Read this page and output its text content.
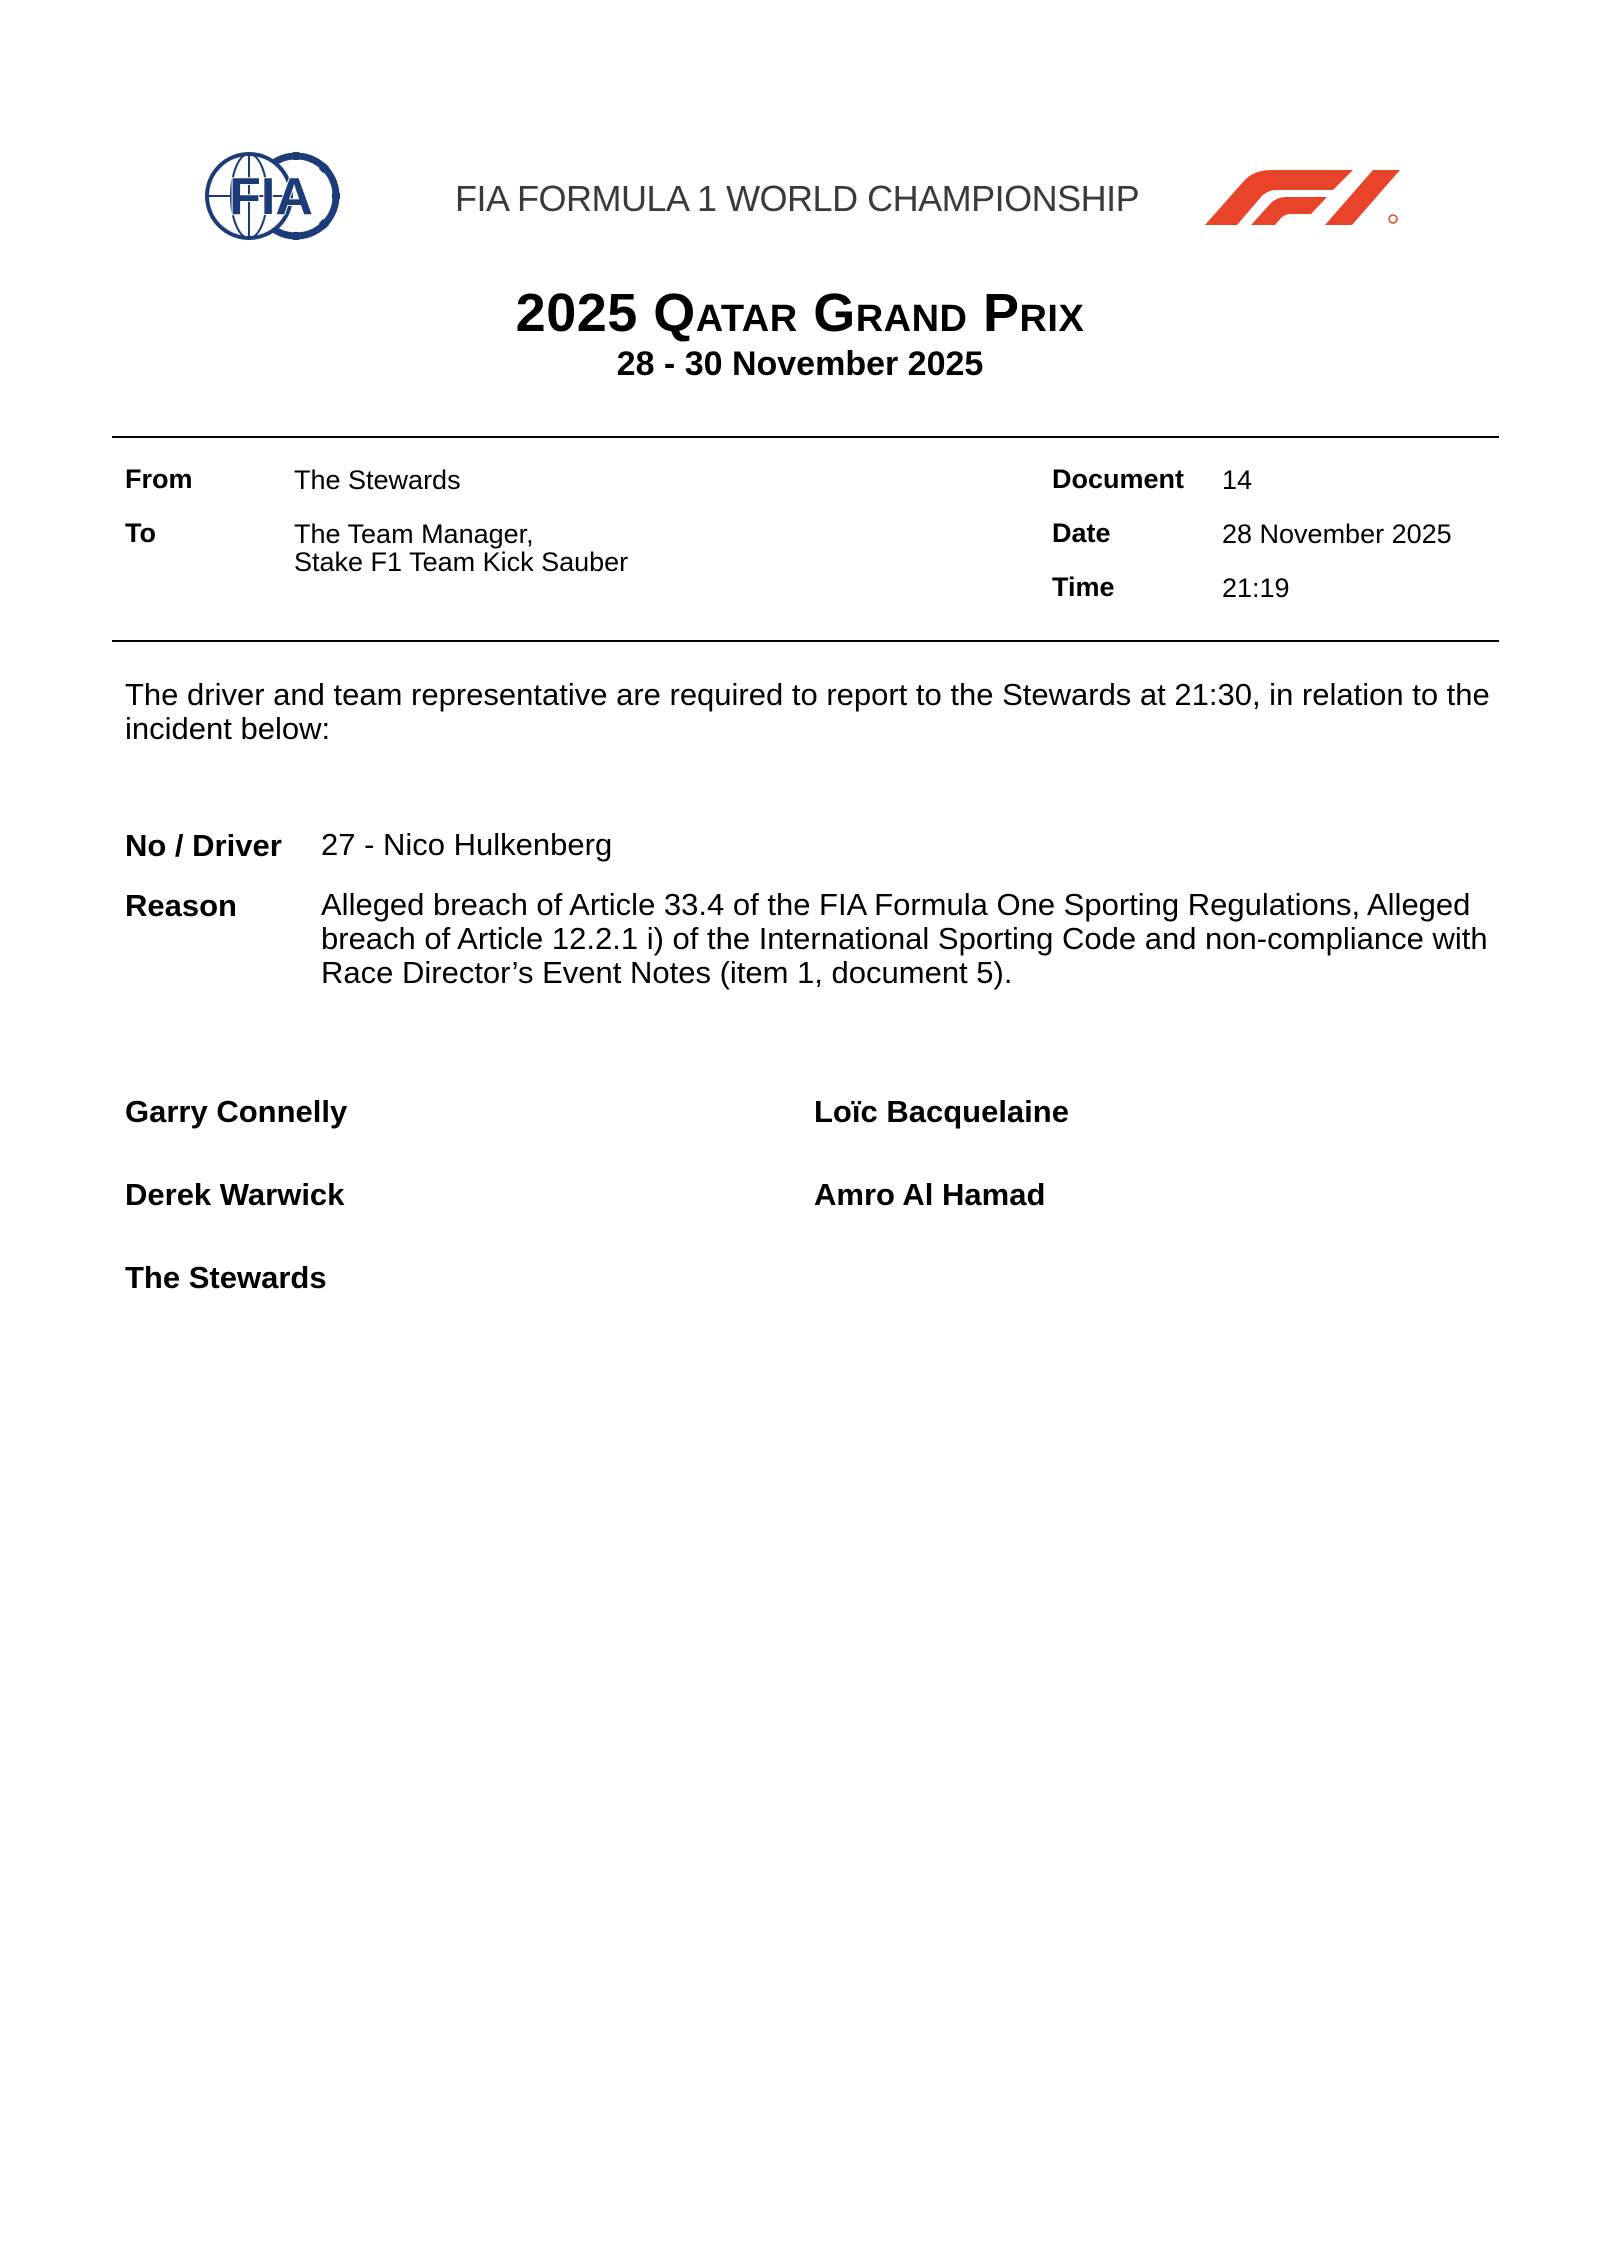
FIA	FIA FORMULA 1 WORLD CHAMPIONSHIP
2025 Qatar Grand Prix
28 - 30 November 2025
From	The Stewards
To	The Team Manager,
Stake F1 Team Kick Sauber
Document 14
Date	28 November 2025
Time	21:19
The driver and team representative are required to report to the Stewards at 21:30, in relation to the incident below:
No / Driver 27 - Nico Hulkenberg
Reason	Alleged breach of Article 33.4 of the FIA Formula One Sporting Regulations, Alleged breach of Article 12.2.1 i) of the International Sporting Code and non-compliance with Race Director’s Event Notes (item 1, document 5).
Garry Connelly	Loïc Bacquelaine
Derek Warwick	Amro Al Hamad
The Stewards
